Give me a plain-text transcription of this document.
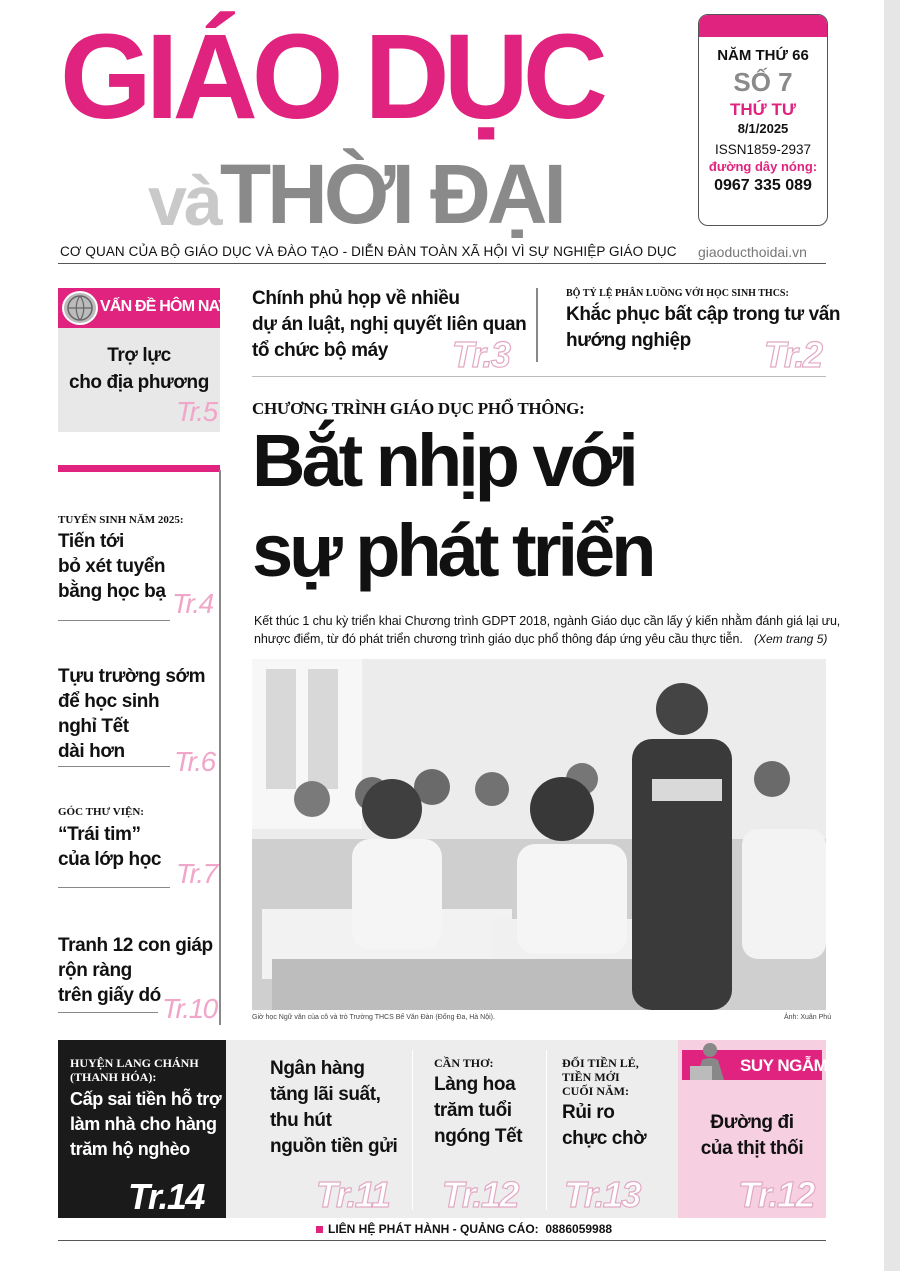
GIÁO DỤC
vàTHỜI ĐẠI
NĂM THỨ 66
SỐ 7
THỨ TƯ
8/1/2025
ISSN1859-2937
đường dây nóng:
0967 335 089
CƠ QUAN CỦA BỘ GIÁO DỤC VÀ ĐÀO TẠO - DIỄN ĐÀN TOÀN XÃ HỘI VÌ SỰ NGHIỆP GIÁO DỤC giaoducthoidai.vn
VẤN ĐỀ HÔM NAY
Trợ lực
cho địa phương
Tr.5
TUYỂN SINH NĂM 2025:
Tiến tới
bỏ xét tuyển
bằng học bạ Tr.4
Tựu trường sớm
để học sinh
nghỉ Tết
dài hơn Tr.6
GÓC THƯ VIỆN:
“Trái tim”
của lớp học Tr.7
Tranh 12 con giáp
rộn ràng
trên giấy dó Tr.10
Chính phủ họp về nhiều
dự án luật, nghị quyết liên quan
tổ chức bộ máy Tr.3
BỘ TỶ LỆ PHÂN LUỒNG VỚI HỌC SINH THCS:
Khắc phục bất cập trong tư vấn
hướng nghiệp Tr.2
CHƯƠNG TRÌNH GIÁO DỤC PHỔ THÔNG:
Bắt nhịp với
sự phát triển
Kết thúc 1 chu kỳ triển khai Chương trình GDPT 2018, ngành Giáo dục cần lấy ý kiến nhằm đánh giá lại ưu,
nhược điểm, từ đó phát triển chương trình giáo dục phổ thông đáp ứng yêu cầu thực tiễn. (Xem trang 5)
Giờ học Ngữ văn của cô và trò Trường THCS Bế Văn Đàn (Đống Đa, Hà Nội).	Ảnh: Xuân Phú
HUYỆN LANG CHÁNH
(THANH HÓA):
Cấp sai tiền hỗ trợ
làm nhà cho hàng
trăm hộ nghèo
Tr.14
Ngân hàng
tăng lãi suất,
thu hút
nguồn tiền gửi
Tr.11
CẦN THƠ:
Làng hoa
trăm tuổi
ngóng Tết
Tr.12
ĐỔI TIỀN LẺ,
TIỀN MỚI
CUỐI NĂM:
Rủi ro
chực chờ
Tr.13
SUY NGẪM
Đường đi
của thịt thối
Tr.12
LIÊN HỆ PHÁT HÀNH - QUẢNG CÁO:  0886059988
